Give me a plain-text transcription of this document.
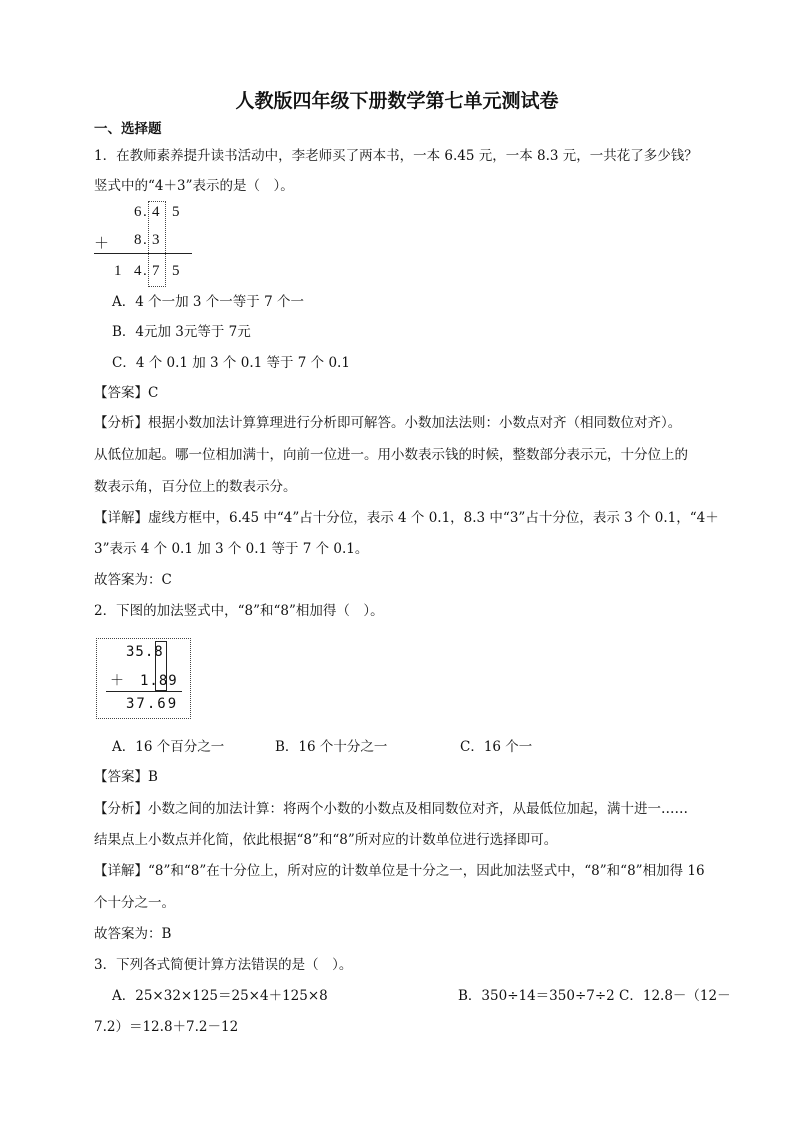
人教版四年级下册数学第七单元测试卷
一、选择题
1．在教师素养提升读书活动中，李老师买了两本书，一本 6.45 元，一本 8.3 元，一共花了多少钱？
竖式中的“4＋3”表示的是（　）。
6 . 4 5
＋ 8 . 3
1 4 . 7 5
A．4 个一加 3 个一等于 7 个一
B．4元加 3元等于 7元
C．4 个 0.1 加 3 个 0.1 等于 7 个 0.1
【答案】C
【分析】根据小数加法计算算理进行分析即可解答。小数加法法则：小数点对齐（相同数位对齐）。
从低位加起。哪一位相加满十，向前一位进一。用小数表示钱的时候，整数部分表示元，十分位上的
数表示角，百分位上的数表示分。
【详解】虚线方框中，6.45 中“4”占十分位，表示 4 个 0.1，8.3 中“3”占十分位，表示 3 个 0.1，“4＋
3”表示 4 个 0.1 加 3 个 0.1 等于 7 个 0.1。
故答案为：C
2．下图的加法竖式中，“8”和“8”相加得（　）。
35.8
＋　1.89
37.69
A．16 个百分之一	B．16 个十分之一	C．16 个一
【答案】B
【分析】小数之间的加法计算：将两个小数的小数点及相同数位对齐，从最低位加起，满十进一……
结果点上小数点并化简，依此根据“8”和“8”所对应的计数单位进行选择即可。
【详解】“8”和“8”在十分位上，所对应的计数单位是十分之一，因此加法竖式中，“8”和“8”相加得 16
个十分之一。
故答案为：B
3．下列各式简便计算方法错误的是（　）。
A．25×32×125＝25×4＋125×8	B．350÷14＝350÷7÷2 C．12.8－（12－
7.2）＝12.8＋7.2－12
